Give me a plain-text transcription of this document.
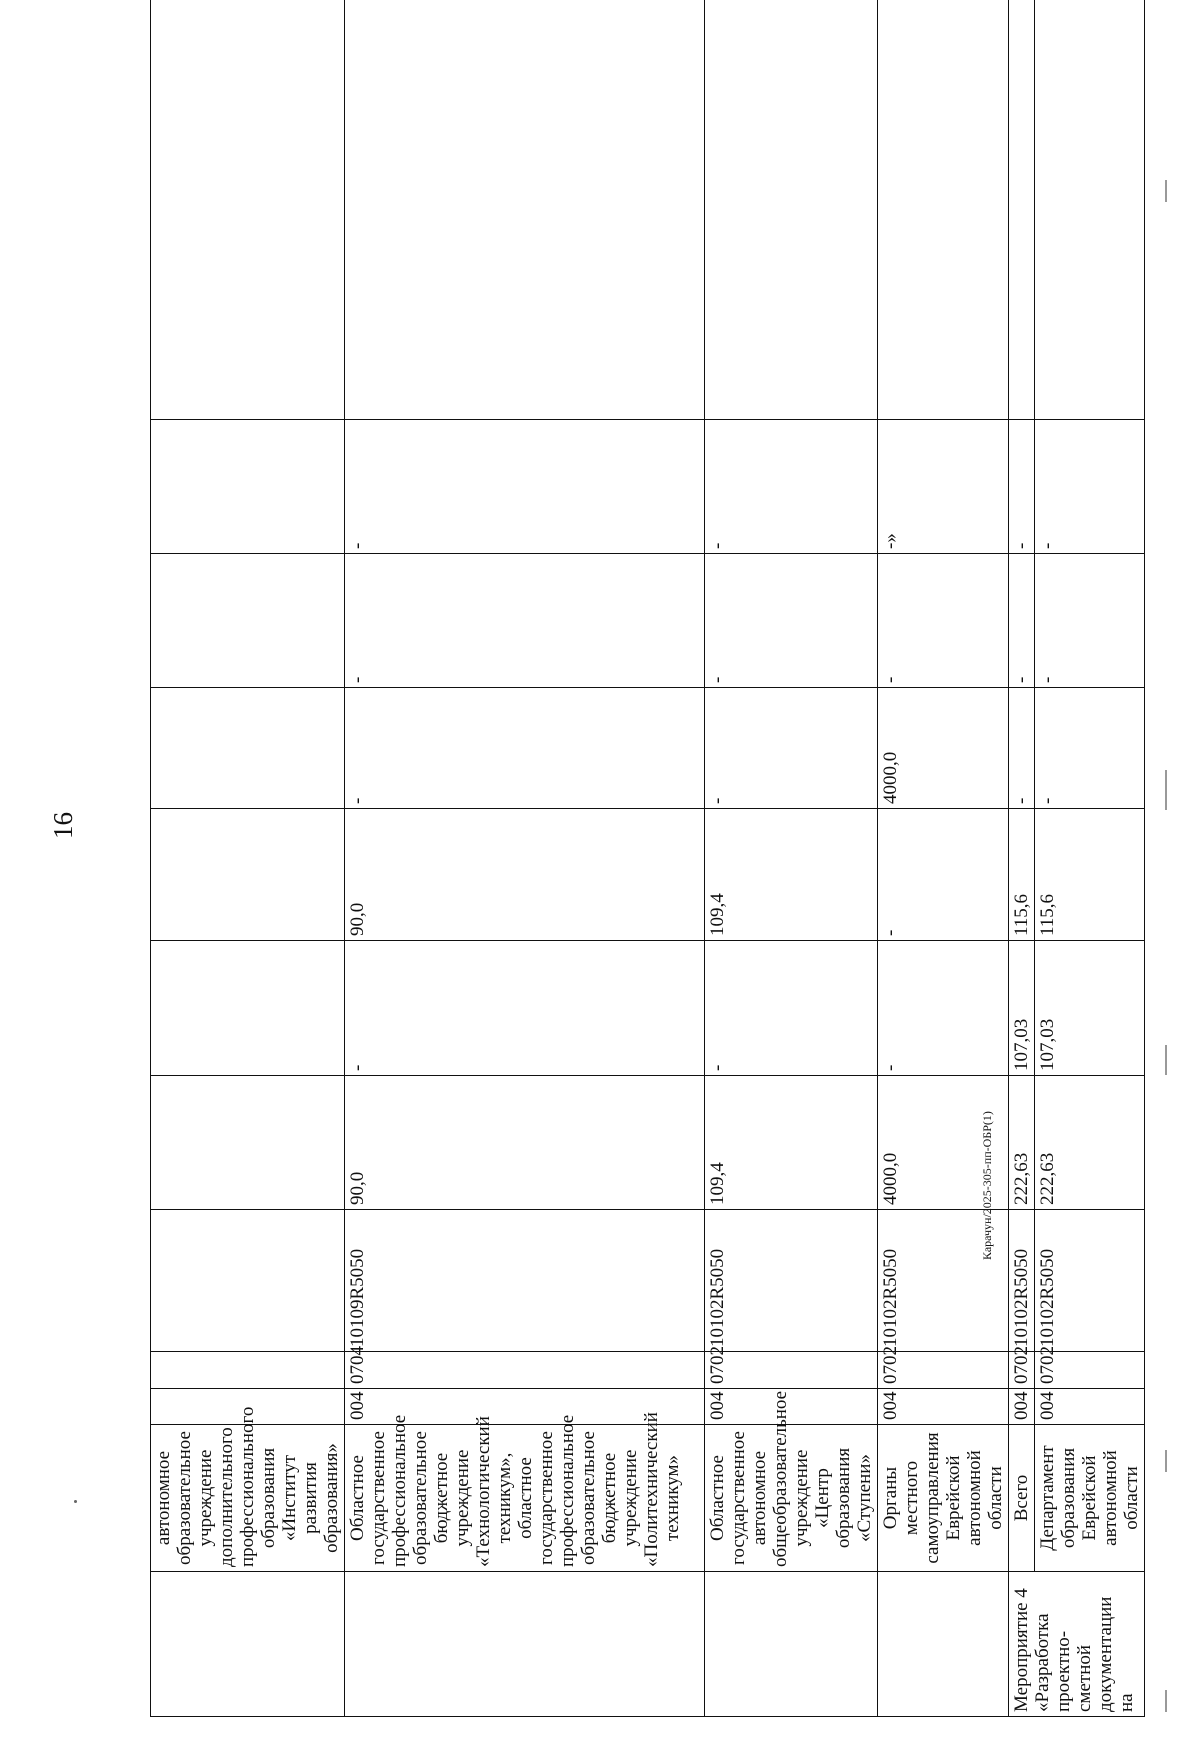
16
	автономное образовательное учреждение дополнительного профессионального образования «Институт развития образования»										
	Областное государственное профессиональное образовательное бюджетное учреждение «Технологический техникум», областное государственное профессиональное образовательное бюджетное учреждение «Политехнический техникум»	004	0704	10109R5050	90,0	-	90,0	-	-	-	
	Областное государственное автономное общеобразовательное учреждение «Центр образования «Ступени»	004	0702	10102R5050	109,4	-	109,4	-	-	-	
	Органы местного самоуправления Еврейской автономной области	004	0702	10102R5050	4000,0	-	-	4000,0	-	-»	
Мероприятие 4 «Разработка проектно-сметной документации на	Всего	004	0702	10102R5050	222,63	107,03	115,6	-	-	-	
	Департамент образования Еврейской автономной области	004	0702	10102R5050	222,63	107,03	115,6	-	-	-	
Карачун/2025-305-пп-ОБР(1)
